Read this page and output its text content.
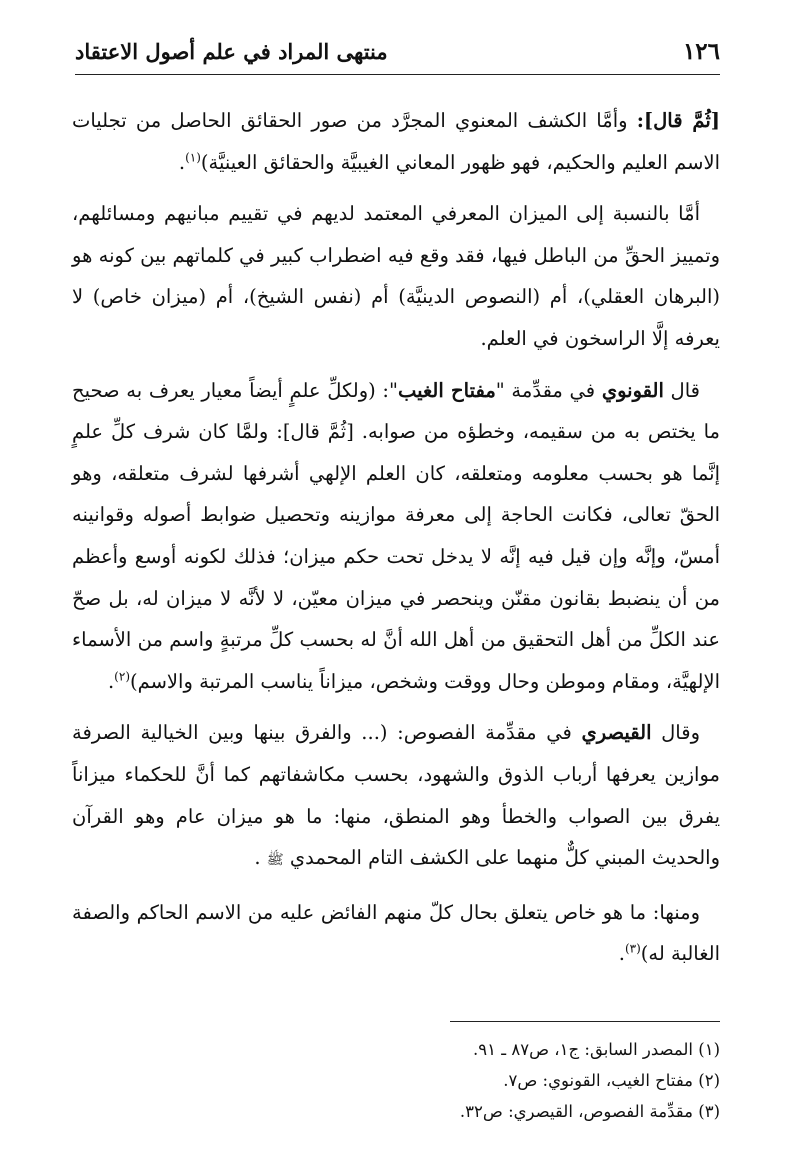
١٢٦
منتهى المراد في علم أصول الاعتقاد

[ثُمَّ قال]: وأمَّا الكشف المعنوي المجرَّد من صور الحقائق الحاصل من تجليات الاسم العليم والحكيم، فهو ظهور المعاني الغيبيَّة والحقائق العينيَّة)$^{(١)}$.

أمَّا بالنسبة إلى الميزان المعرفي المعتمد لديهم في تقييم مبانيهم ومسائلهم، وتمييز الحقِّ من الباطل فيها، فقد وقع فيه اضطراب كبير في كلماتهم بين كونه هو (البرهان العقلي)، أم (النصوص الدينيَّة) أم (نفس الشيخ)، أم (ميزان خاص) لا يعرفه إلَّا الراسخون في العلم.

قال القونوي في مقدِّمة "مفتاح الغيب": (ولكلِّ علمٍ أيضاً معيار يعرف به صحيح ما يختص به من سقيمه، وخطؤه من صوابه. [ثُمَّ قال]: ولمَّا كان شرف كلِّ علمٍ إنَّما هو بحسب معلومه ومتعلقه، كان العلم الإلهي أشرفها لشرف متعلقه، وهو الحقّ تعالى، فكانت الحاجة إلى معرفة موازينه وتحصيل ضوابط أصوله وقوانينه أمسّ، وإنَّه وإن قيل فيه إنَّه لا يدخل تحت حكم ميزان؛ فذلك لكونه أوسع وأعظم من أن ينضبط بقانون مقنّن وينحصر في ميزان معيّن، لا لأنَّه لا ميزان له، بل صحّ عند الكلِّ من أهل التحقيق من أهل الله أنَّ له بحسب كلِّ مرتبةٍ واسم من الأسماء الإلهيَّة، ومقام وموطن وحال ووقت وشخص، ميزاناً يناسب المرتبة والاسم)$^{(٢)}$.

وقال القيصري في مقدِّمة الفصوص: (... والفرق بينها وبين الخيالية الصرفة موازين يعرفها أرباب الذوق والشهود، بحسب مكاشفاتهم كما أنَّ للحكماء ميزاناً يفرق بين الصواب والخطأ وهو المنطق، منها: ما هو ميزان عام وهو القرآن والحديث المبني كلٌّ منهما على الكشف التام المحمدي ﷺ .

ومنها: ما هو خاص يتعلق بحال كلّ منهم الفائض عليه من الاسم الحاكم والصفة الغالبة له)$^{(٣)}$.

(١) المصدر السابق: ج١، ص٨٧ ـ ٩١.

(٢) مفتاح الغيب، القونوي: ص٧.

(٣) مقدِّمة الفصوص، القيصري: ص٣٢.
